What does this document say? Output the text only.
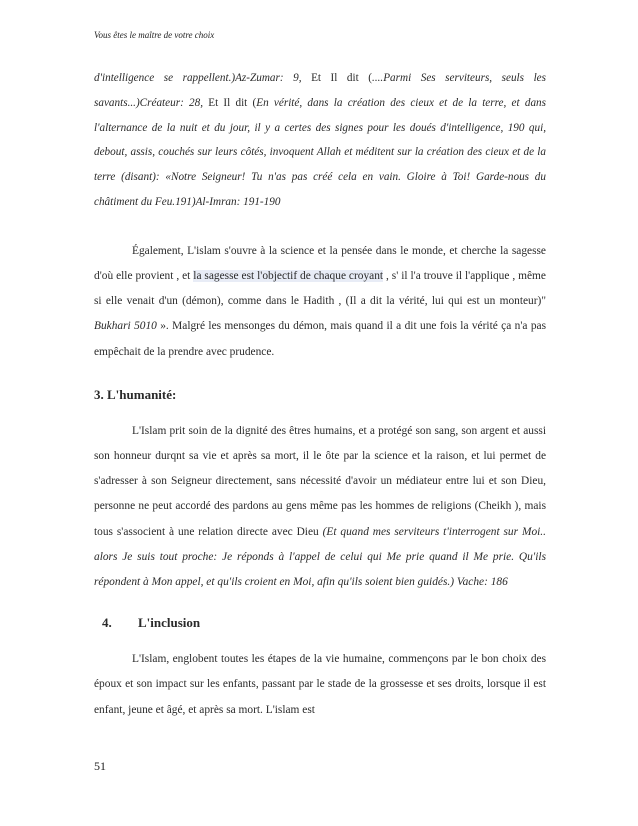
Vous êtes le maître de votre choix

d'intelligence se rappellent.)Az-Zumar: 9, Et Il dit (....Parmi Ses serviteurs, seuls les savants...)Créateur: 28, Et Il dit (En vérité, dans la création des cieux et de la terre, et dans l'alternance de la nuit et du jour, il y a certes des signes pour les doués d'intelligence, 190 qui, debout, assis, couchés sur leurs côtés, invoquent Allah et méditent sur la création des cieux et de la terre (disant): «Notre Seigneur! Tu n'as pas créé cela en vain. Gloire à Toi! Garde-nous du châtiment du Feu.191)Al-Imran: 191-190

Également, L'islam s'ouvre à la science et la pensée dans le monde, et cherche la sagesse d'où elle provient , et la sagesse est l'objectif de chaque croyant , s' il l'a trouve il l'applique , même si elle venait d'un (démon), comme dans le Hadith , (Il a dit la vérité, lui qui est un monteur)" Bukhari 5010 ». Malgré les mensonges du démon, mais quand il a dit une fois la vérité ça n'a pas empêchait de la prendre avec prudence.

3. L'humanité:

L'Islam prit soin de la dignité des êtres humains, et a protégé son sang, son argent et aussi son honneur durqnt sa vie et après sa mort, il le ôte par la science et la raison, et lui permet de s'adresser à son Seigneur directement, sans nécessité d'avoir un médiateur entre lui et son Dieu, personne ne peut accordé des pardons au gens même pas les hommes de religions (Cheikh ), mais tous s'associent à une relation directe avec Dieu (Et quand mes serviteurs t'interrogent sur Moi.. alors Je suis tout proche: Je réponds à l'appel de celui qui Me prie quand il Me prie. Qu'ils répondent à Mon appel, et qu'ils croient en Moi, afin qu'ils soient bien guidés.) Vache: 186

4. L'inclusion

L'Islam, englobent toutes les étapes de la vie humaine, commençons par le bon choix des époux et son impact sur les enfants, passant par le stade de la grossesse et ses droits, lorsque il est enfant, jeune et âgé, et après sa mort. L'islam est

51
